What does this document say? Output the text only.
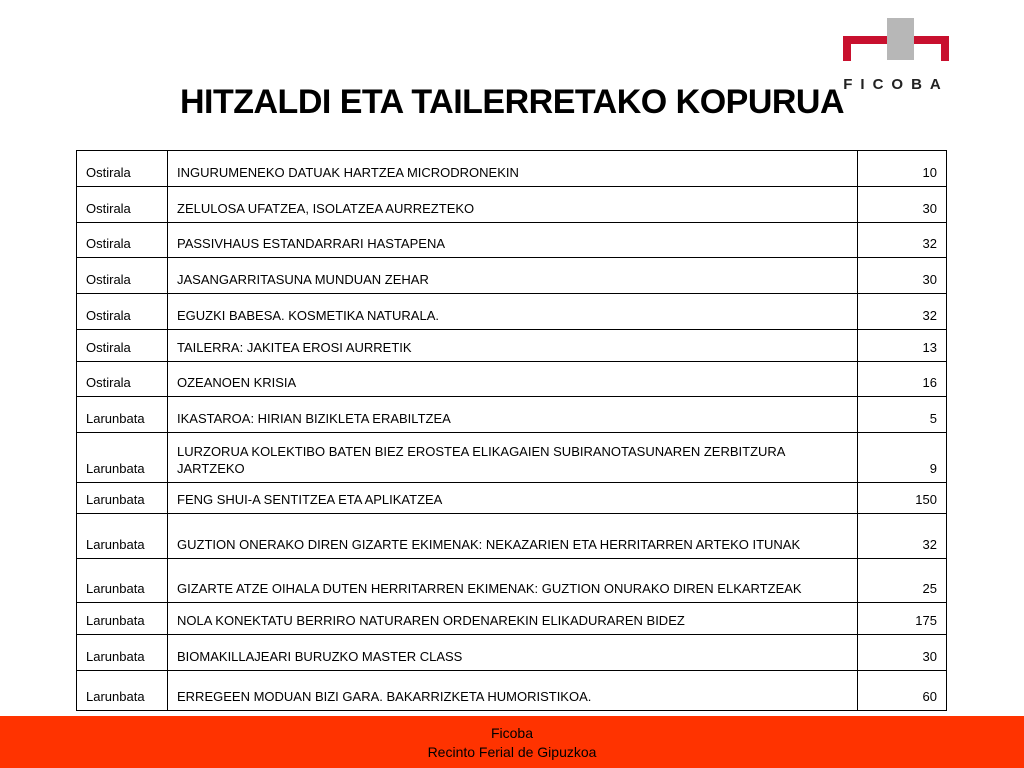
FICOBA
HITZALDI ETA TAILERRETAKO KOPURUA
Ostirala	INGURUMENEKO DATUAK HARTZEA MICRODRONEKIN	10
Ostirala	ZELULOSA UFATZEA, ISOLATZEA AURREZTEKO	30
Ostirala	PASSIVHAUS ESTANDARRARI HASTAPENA	32
Ostirala	JASANGARRITASUNA MUNDUAN ZEHAR	30
Ostirala	EGUZKI BABESA. KOSMETIKA NATURALA.	32
Ostirala	TAILERRA: JAKITEA EROSI AURRETIK	13
Ostirala	OZEANOEN KRISIA	16
Larunbata	IKASTAROA: HIRIAN BIZIKLETA ERABILTZEA	5
Larunbata	LURZORUA KOLEKTIBO BATEN BIEZ EROSTEA ELIKAGAIEN SUBIRANOTASUNAREN ZERBITZURA JARTZEKO	9
Larunbata	FENG SHUI-A SENTITZEA ETA APLIKATZEA	150
Larunbata	GUZTION ONERAKO DIREN GIZARTE EKIMENAK: NEKAZARIEN ETA HERRITARREN ARTEKO ITUNAK	32
Larunbata	GIZARTE ATZE OIHALA DUTEN HERRITARREN EKIMENAK: GUZTION ONURAKO DIREN ELKARTZEAK	25
Larunbata	NOLA KONEKTATU BERRIRO NATURAREN ORDENAREKIN ELIKADURAREN BIDEZ	175
Larunbata	BIOMAKILLAJEARI BURUZKO MASTER CLASS	30
Larunbata	ERREGEEN MODUAN BIZI GARA. BAKARRIZKETA HUMORISTIKOA.	60
Ficoba
Recinto Ferial de Gipuzkoa
